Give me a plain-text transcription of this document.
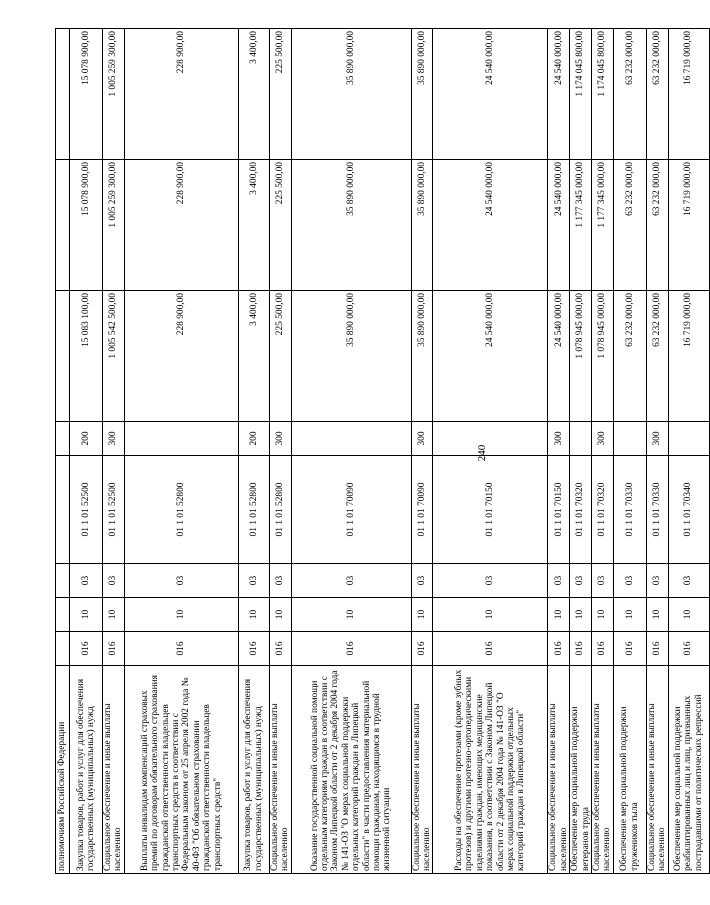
240
полномочиям Российской Федерации								
Закупка товаров, работ и услуг для обеспечения государственных (муниципальных) нужд	016	10	03	01 1 01 52500	200	15 083 100,00	15 078 900,00	15 078 900,00
Социальное обеспечение и иные выплаты населению	016	10	03	01 1 01 52500	300	1 005 542 500,00	1 005 259 300,00	1 005 259 300,00
Выплаты инвалидам компенсаций страховых премий по договорам обязательного страхования гражданской ответственности владельцев транспортных средств в соответствии с Федеральным законом от 25 апреля 2002 года № 40-ФЗ "Об обязательном страховании гражданской ответственности владельцев транспортных средств"	016	10	03	01 1 01 52800		228 900,00	228 900,00	228 900,00
Закупка товаров, работ и услуг для обеспечения государственных (муниципальных) нужд	016	10	03	01 1 01 52800	200	3 400,00	3 400,00	3 400,00
Социальное обеспечение и иные выплаты населению	016	10	03	01 1 01 52800	300	225 500,00	225 500,00	225 500,00
Оказание государственной социальной помощи отдельным категориям граждан в соответствии с Законом Липецкой области от 2 декабря 2004 года № 141-ОЗ "О мерах социальной поддержки отдельных категорий граждан в Липецкой области" в части предоставления материальной помощи гражданам, находящимся в трудной жизненной ситуации	016	10	03	01 1 01 70090		35 890 000,00	35 890 000,00	35 890 000,00
Социальное обеспечение и иные выплаты населению	016	10	03	01 1 01 70090	300	35 890 000,00	35 890 000,00	35 890 000,00
Расходы на обеспечение протезами (кроме зубных протезов) и другими протезно-ортопедическими изделиями граждан, имеющих медицинские показания, в соответствии с Законом Липецкой области от 2 декабря 2004 года № 141-ОЗ "О мерах социальной поддержки отдельных категорий граждан в Липецкой области"	016	10	03	01 1 01 70150		24 540 000,00	24 540 000,00	24 540 000,00
Социальное обеспечение и иные выплаты населению	016	10	03	01 1 01 70150	300	24 540 000,00	24 540 000,00	24 540 000,00
Обеспечение мер социальной поддержки ветеранов труда	016	10	03	01 1 01 70320		1 078 945 000,00	1 177 345 000,00	1 174 045 800,00
Социальное обеспечение и иные выплаты населению	016	10	03	01 1 01 70320	300	1 078 945 000,00	1 177 345 000,00	1 174 045 800,00
Обеспечение мер социальной поддержки тружеников тыла	016	10	03	01 1 01 70330		63 232 000,00	63 232 000,00	63 232 000,00
Социальное обеспечение и иные выплаты населению	016	10	03	01 1 01 70330	300	63 232 000,00	63 232 000,00	63 232 000,00
Обеспечение мер социальной поддержки реабилитированных лиц и лиц, признанных пострадавшими от политических репрессий	016	10	03	01 1 01 70340		16 719 000,00	16 719 000,00	16 719 000,00
